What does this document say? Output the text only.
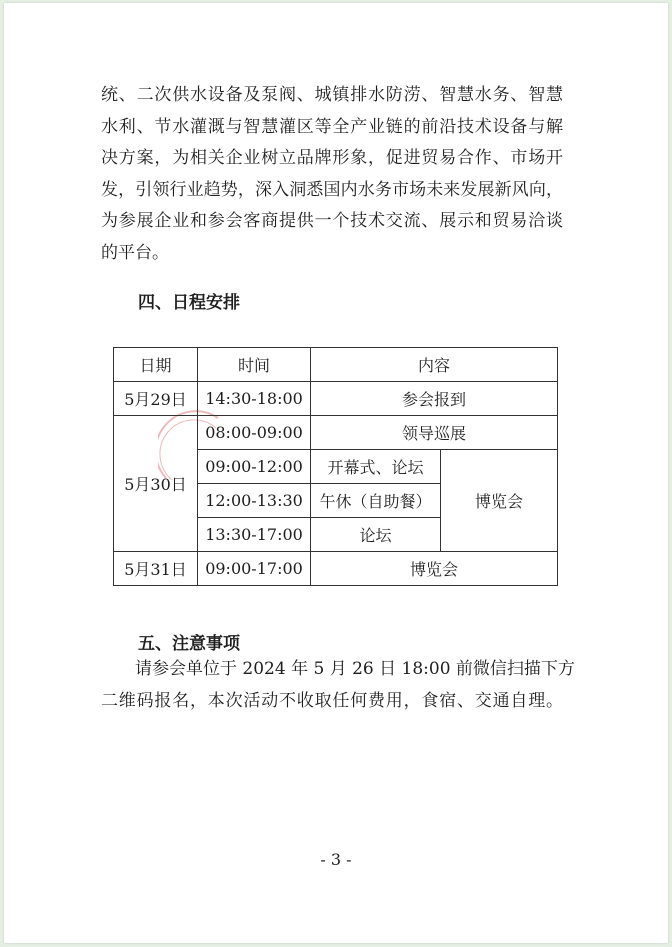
统、二次供水设备及泵阀、城镇排水防涝、智慧水务、智慧
水利、节水灌溉与智慧灌区等全产业链的前沿技术设备与解
决方案，为相关企业树立品牌形象，促进贸易合作、市场开
发，引领行业趋势，深入洞悉国内水务市场未来发展新风向，
为参展企业和参会客商提供一个技术交流、展示和贸易洽谈
的平台。

四、日程安排

日期	时间	内容	
5月29日	14:30-18:00	参会报到	
5月30日	08:00-09:00	领导巡展	
	09:00-12:00	开幕式、论坛	博览会
	12:00-13:30	午休（自助餐）	
	13:30-17:00	论坛	
5月31日	09:00-17:00	博览会	

五、注意事项

请参会单位于 2024 年 5 月 26 日 18:00 前微信扫描下方
二维码报名，本次活动不收取任何费用，食宿、交通自理。
- 3 -
